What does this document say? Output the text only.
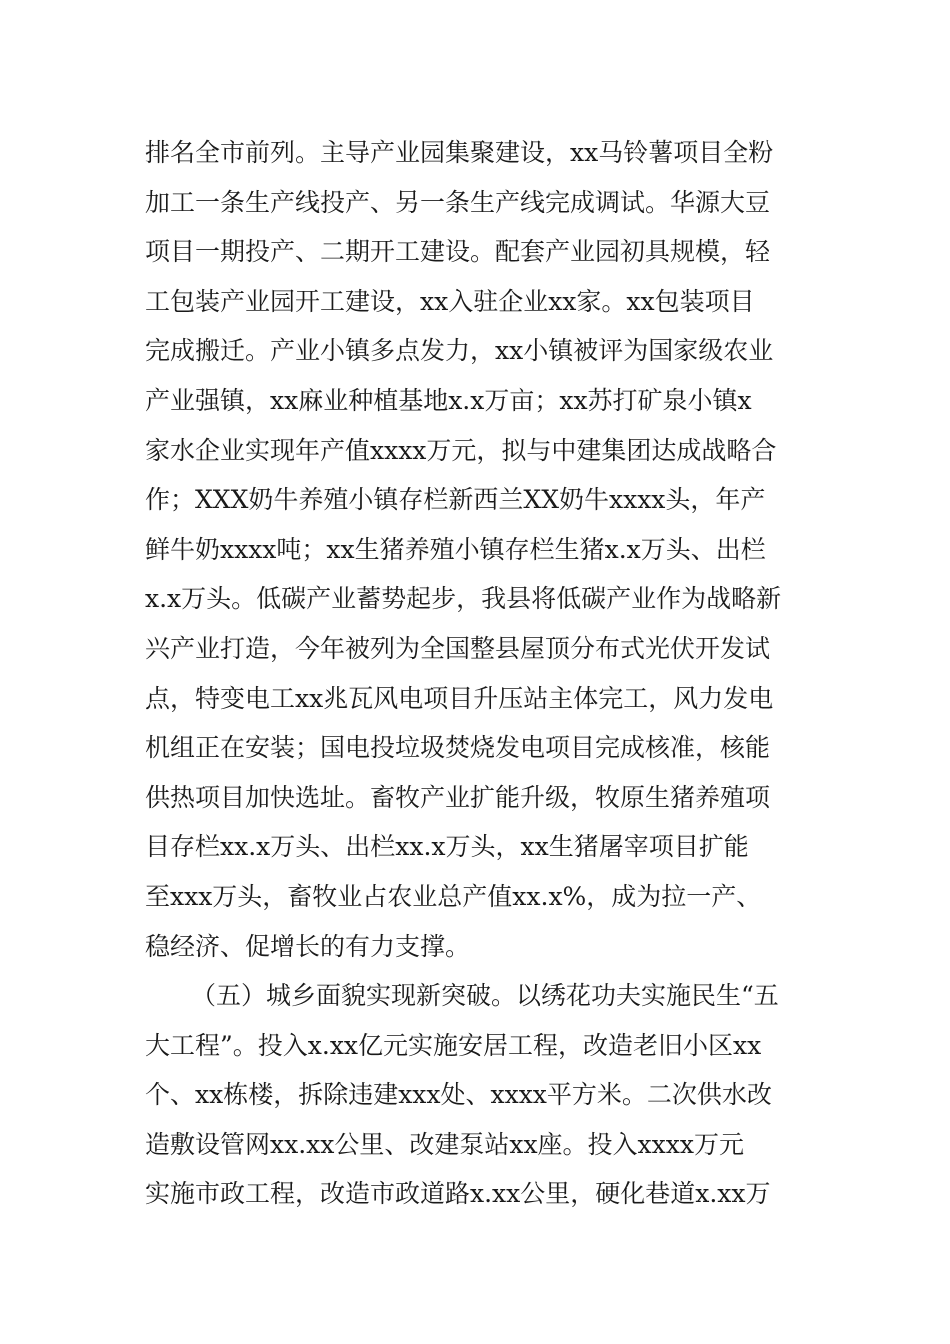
排名全市前列。主导产业园集聚建设，xx马铃薯项目全粉
加工一条生产线投产、另一条生产线完成调试。华源大豆
项目一期投产、二期开工建设。配套产业园初具规模，轻
工包装产业园开工建设，xx入驻企业xx家。xx包装项目
完成搬迁。产业小镇多点发力，xx小镇被评为国家级农业
产业强镇，xx麻业种植基地x.x万亩；xx苏打矿泉小镇x
家水企业实现年产值xxxx万元，拟与中建集团达成战略合
作；XXX奶牛养殖小镇存栏新西兰XX奶牛xxxx头，年产
鲜牛奶xxxx吨；xx生猪养殖小镇存栏生猪x.x万头、出栏
x.x万头。低碳产业蓄势起步，我县将低碳产业作为战略新
兴产业打造，今年被列为全国整县屋顶分布式光伏开发试
点，特变电工xx兆瓦风电项目升压站主体完工，风力发电
机组正在安装；国电投垃圾焚烧发电项目完成核准，核能
供热项目加快选址。畜牧产业扩能升级，牧原生猪养殖项
目存栏xx.x万头、出栏xx.x万头，xx生猪屠宰项目扩能
至xxx万头，畜牧业占农业总产值xx.x%，成为拉一产、
稳经济、促增长的有力支撑。
（五）城乡面貌实现新突破。以绣花功夫实施民生“五
大工程”。投入x.xx亿元实施安居工程，改造老旧小区xx
个、xx栋楼，拆除违建xxx处、xxxx平方米。二次供水改
造敷设管网xx.xx公里、改建泵站xx座。投入xxxx万元
实施市政工程，改造市政道路x.xx公里，硬化巷道x.xx万
